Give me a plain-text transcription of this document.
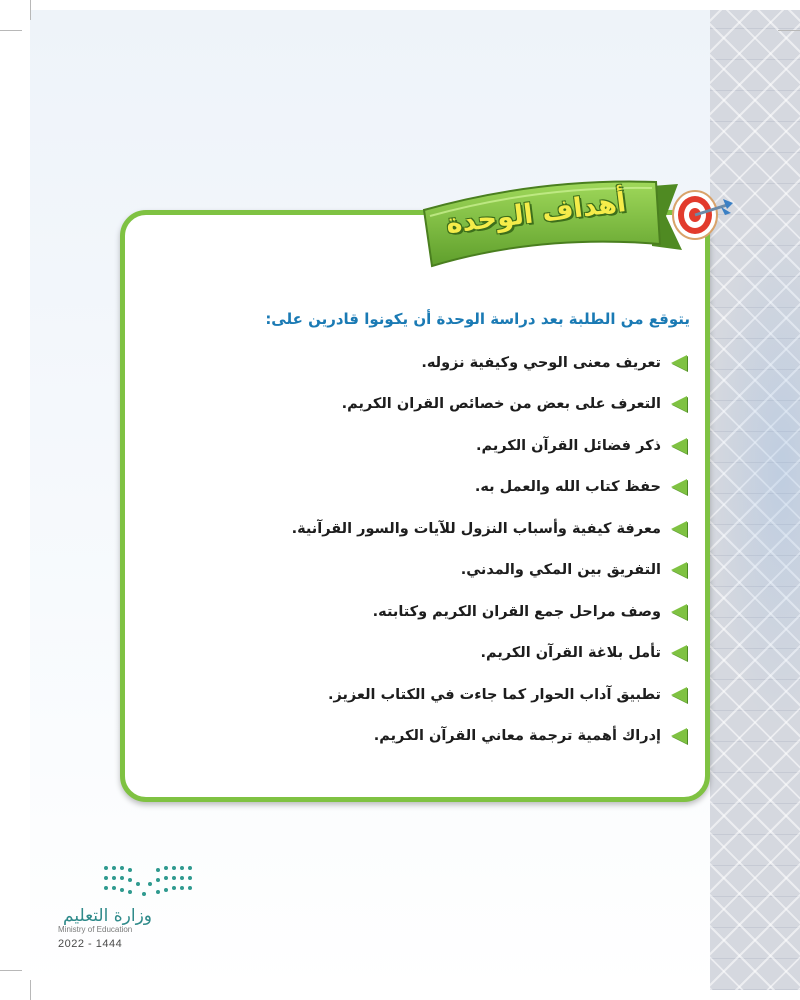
أهداف الوحدة
يتوقع من الطلبة بعد دراسة الوحدة أن يكونوا قادرين على:
تعريف معنى الوحي وكيفية نزوله.
التعرف على بعض من خصائص القران الكريم.
ذكر فضائل القرآن الكريم.
حفظ كتاب الله والعمل به.
معرفة كيفية وأسباب النزول للآيات والسور القرآنية.
التفريق بين المكي والمدني.
وصف مراحل جمع القران الكريم وكتابته.
تأمل بلاغة القرآن الكريم.
تطبيق آداب الحوار كما جاءت في الكتاب العزيز.
إدراك أهمية ترجمة معاني القرآن الكريم.
وزارة التعليم
Ministry of Education
2022 - 1444
